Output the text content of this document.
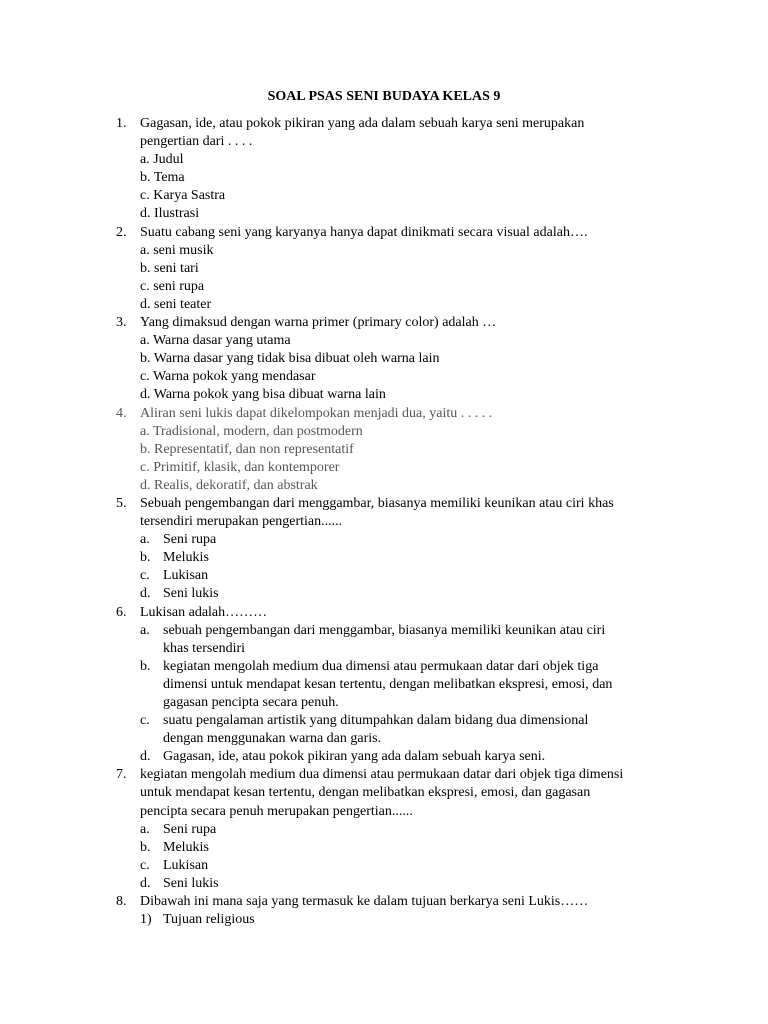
SOAL PSAS SENI BUDAYA KELAS 9
1. Gagasan, ide, atau pokok pikiran yang ada dalam sebuah karya seni merupakan
pengertian dari . . . .
a. Judul
b. Tema
c. Karya Sastra
d. Ilustrasi
2. Suatu cabang seni yang karyanya hanya dapat dinikmati secara visual adalah….
a. seni musik
b. seni tari
c. seni rupa
d. seni teater
3. Yang dimaksud dengan warna primer (primary color) adalah …
a. Warna dasar yang utama
b. Warna dasar yang tidak bisa dibuat oleh warna lain
c. Warna pokok yang mendasar
d. Warna pokok yang bisa dibuat warna lain
4. Aliran seni lukis dapat dikelompokan menjadi dua, yaitu . . . . .
a. Tradisional, modern, dan postmodern
b. Representatif, dan non representatif
c. Primitif, klasik, dan kontemporer
d. Realis, dekoratif, dan abstrak
5. Sebuah pengembangan dari menggambar, biasanya memiliki keunikan atau ciri khas
tersendiri merupakan pengertian......
a. Seni rupa
b. Melukis
c. Lukisan
d. Seni lukis
6. Lukisan adalah………
a. sebuah pengembangan dari menggambar, biasanya memiliki keunikan atau ciri
khas tersendiri
b. kegiatan mengolah medium dua dimensi atau permukaan datar dari objek tiga
dimensi untuk mendapat kesan tertentu, dengan melibatkan ekspresi, emosi, dan
gagasan pencipta secara penuh.
c. suatu pengalaman artistik yang ditumpahkan dalam bidang dua dimensional
dengan menggunakan warna dan garis.
d. Gagasan, ide, atau pokok pikiran yang ada dalam sebuah karya seni.
7. kegiatan mengolah medium dua dimensi atau permukaan datar dari objek tiga dimensi
untuk mendapat kesan tertentu, dengan melibatkan ekspresi, emosi, dan gagasan
pencipta secara penuh merupakan pengertian......
a. Seni rupa
b. Melukis
c. Lukisan
d. Seni lukis
8. Dibawah ini mana saja yang termasuk ke dalam tujuan berkarya seni Lukis……
1) Tujuan religious
